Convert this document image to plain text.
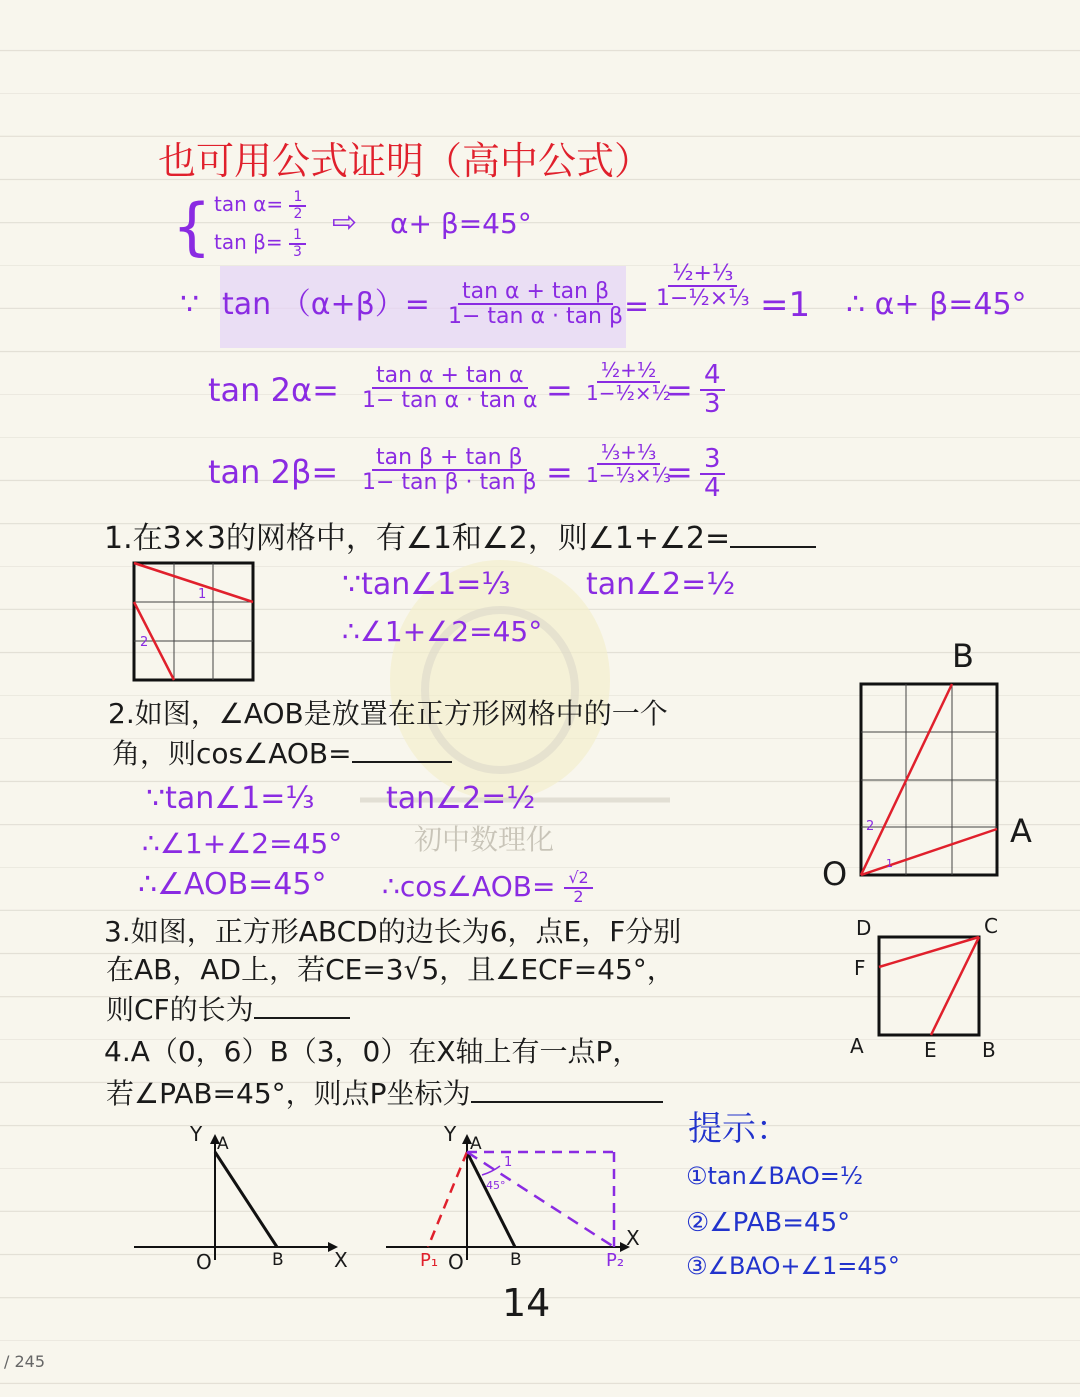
初中数理化
也可用公式证明（高中公式）
{ $\tan \alpha= \frac{1}{2}$
$\tan \beta= \frac{1}{3}$
⇨ α+ β=45°
∵ $\tan (\alpha+\beta)= \frac{\text{tan α + tan β}}{\text{1− tan α · tan β}}$
= $\frac{\text{½+⅓}}{\text{1−½×⅓}} =1$ ∴ α+ β=45°
$\tan 2\alpha= \frac{\text{tan α + tan α}}{\text{1− tan α · tan α}} = \frac{\text{½+½}}{\text{1−½×½}}$
= $\frac{4}{3}$
$\tan 2\beta= \frac{\text{tan β + tan β}}{\text{1− tan β · tan β}} = \frac{\text{⅓+⅓}}{\text{1−⅓×⅓}}$
= $\frac{3}{4}$
1.在3×3的网格中，有∠1和∠2，则∠1+∠2=
∵tan∠1=⅓	tan∠2=½
∴∠1+∠2=45°
1
2
2.如图，∠AOB是放置在正方形网格中的一个
角，则cos∠AOB=
∵tan∠1=⅓ tan∠2=½
∴∠1+∠2=45°
∴∠AOB=45° ∴cos∠AOB= $\frac{√2}{2}$
B
A
O
2
1
3.如图，正方形ABCD的边长为6，点E，F分别
在AB，AD上，若CE=3√5，且∠ECF=45°，
则CF的长为
D	C
F
A	E B
4.A（0，6）B（3，0）在X轴上有一点P，
若∠PAB=45°，则点P坐标为
Y A
O	B	X
Y A
O	B
X
P₁	P₂
1
45°
提示：
①tan∠BAO=½
②∠PAB=45°
③∠BAO+∠1=45°
14
/ 245
